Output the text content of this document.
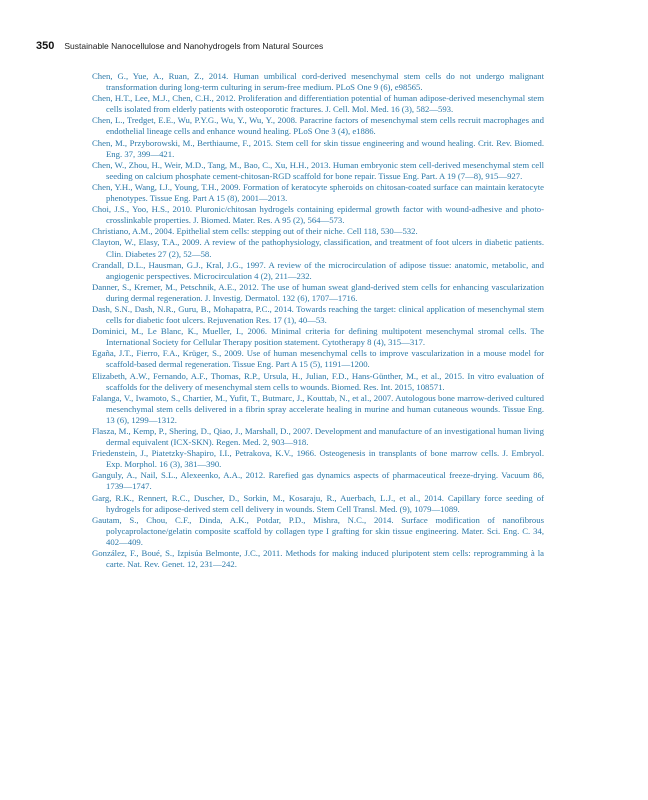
350 Sustainable Nanocellulose and Nanohydrogels from Natural Sources
Chen, G., Yue, A., Ruan, Z., 2014. Human umbilical cord-derived mesenchymal stem cells do not undergo malignant transformation during long-term culturing in serum-free medium. PLoS One 9 (6), e98565.
Chen, H.T., Lee, M.J., Chen, C.H., 2012. Proliferation and differentiation potential of human adipose-derived mesenchymal stem cells isolated from elderly patients with osteoporotic fractures. J. Cell. Mol. Med. 16 (3), 582—593.
Chen, L., Tredget, E.E., Wu, P.Y.G., Wu, Y., Wu, Y., 2008. Paracrine factors of mesenchymal stem cells recruit macrophages and endothelial lineage cells and enhance wound healing. PLoS One 3 (4), e1886.
Chen, M., Przyborowski, M., Berthiaume, F., 2015. Stem cell for skin tissue engineering and wound healing. Crit. Rev. Biomed. Eng. 37, 399—421.
Chen, W., Zhou, H., Weir, M.D., Tang, M., Bao, C., Xu, H.H., 2013. Human embryonic stem cell-derived mesenchymal stem cell seeding on calcium phosphate cement-chitosan-RGD scaffold for bone repair. Tissue Eng. Part. A 19 (7—8), 915—927.
Chen, Y.H., Wang, I.J., Young, T.H., 2009. Formation of keratocyte spheroids on chitosan-coated surface can maintain keratocyte phenotypes. Tissue Eng. Part A 15 (8), 2001—2013.
Choi, J.S., Yoo, H.S., 2010. Pluronic/chitosan hydrogels containing epidermal growth factor with wound-adhesive and photo-crosslinkable properties. J. Biomed. Mater. Res. A 95 (2), 564—573.
Christiano, A.M., 2004. Epithelial stem cells: stepping out of their niche. Cell 118, 530—532.
Clayton, W., Elasy, T.A., 2009. A review of the pathophysiology, classification, and treatment of foot ulcers in diabetic patients. Clin. Diabetes 27 (2), 52—58.
Crandall, D.L., Hausman, G.J., Kral, J.G., 1997. A review of the microcirculation of adipose tissue: anatomic, metabolic, and angiogenic perspectives. Microcirculation 4 (2), 211—232.
Danner, S., Kremer, M., Petschnik, A.E., 2012. The use of human sweat gland-derived stem cells for enhancing vascularization during dermal regeneration. J. Investig. Dermatol. 132 (6), 1707—1716.
Dash, S.N., Dash, N.R., Guru, B., Mohapatra, P.C., 2014. Towards reaching the target: clinical application of mesenchymal stem cells for diabetic foot ulcers. Rejuvenation Res. 17 (1), 40—53.
Dominici, M., Le Blanc, K., Mueller, I., 2006. Minimal criteria for defining multipotent mesenchymal stromal cells. The International Society for Cellular Therapy position statement. Cytotherapy 8 (4), 315—317.
Egaña, J.T., Fierro, F.A., Krüger, S., 2009. Use of human mesenchymal cells to improve vascularization in a mouse model for scaffold-based dermal regeneration. Tissue Eng. Part A 15 (5), 1191—1200.
Elizabeth, A.W., Fernando, A.F., Thomas, R.P., Ursula, H., Julian, F.D., Hans-Günther, M., et al., 2015. In vitro evaluation of scaffolds for the delivery of mesenchymal stem cells to wounds. Biomed. Res. Int. 2015, 108571.
Falanga, V., Iwamoto, S., Chartier, M., Yufit, T., Butmarc, J., Kouttab, N., et al., 2007. Autologous bone marrow-derived cultured mesenchymal stem cells delivered in a fibrin spray accelerate healing in murine and human cutaneous wounds. Tissue Eng. 13 (6), 1299—1312.
Flasza, M., Kemp, P., Shering, D., Qiao, J., Marshall, D., 2007. Development and manufacture of an investigational human living dermal equivalent (ICX-SKN). Regen. Med. 2, 903—918.
Friedenstein, J., Piatetzky-Shapiro, I.I., Petrakova, K.V., 1966. Osteogenesis in transplants of bone marrow cells. J. Embryol. Exp. Morphol. 16 (3), 381—390.
Ganguly, A., Nail, S.L., Alexeenko, A.A., 2012. Rarefied gas dynamics aspects of pharmaceutical freeze-drying. Vacuum 86, 1739—1747.
Garg, R.K., Rennert, R.C., Duscher, D., Sorkin, M., Kosaraju, R., Auerbach, L.J., et al., 2014. Capillary force seeding of hydrogels for adipose-derived stem cell delivery in wounds. Stem Cell Transl. Med. (9), 1079—1089.
Gautam, S., Chou, C.F., Dinda, A.K., Potdar, P.D., Mishra, N.C., 2014. Surface modification of nanofibrous polycaprolactone/gelatin composite scaffold by collagen type I grafting for skin tissue engineering. Mater. Sci. Eng. C. 34, 402—409.
González, F., Boué, S., Izpisúa Belmonte, J.C., 2011. Methods for making induced pluripotent stem cells: reprogramming à la carte. Nat. Rev. Genet. 12, 231—242.
